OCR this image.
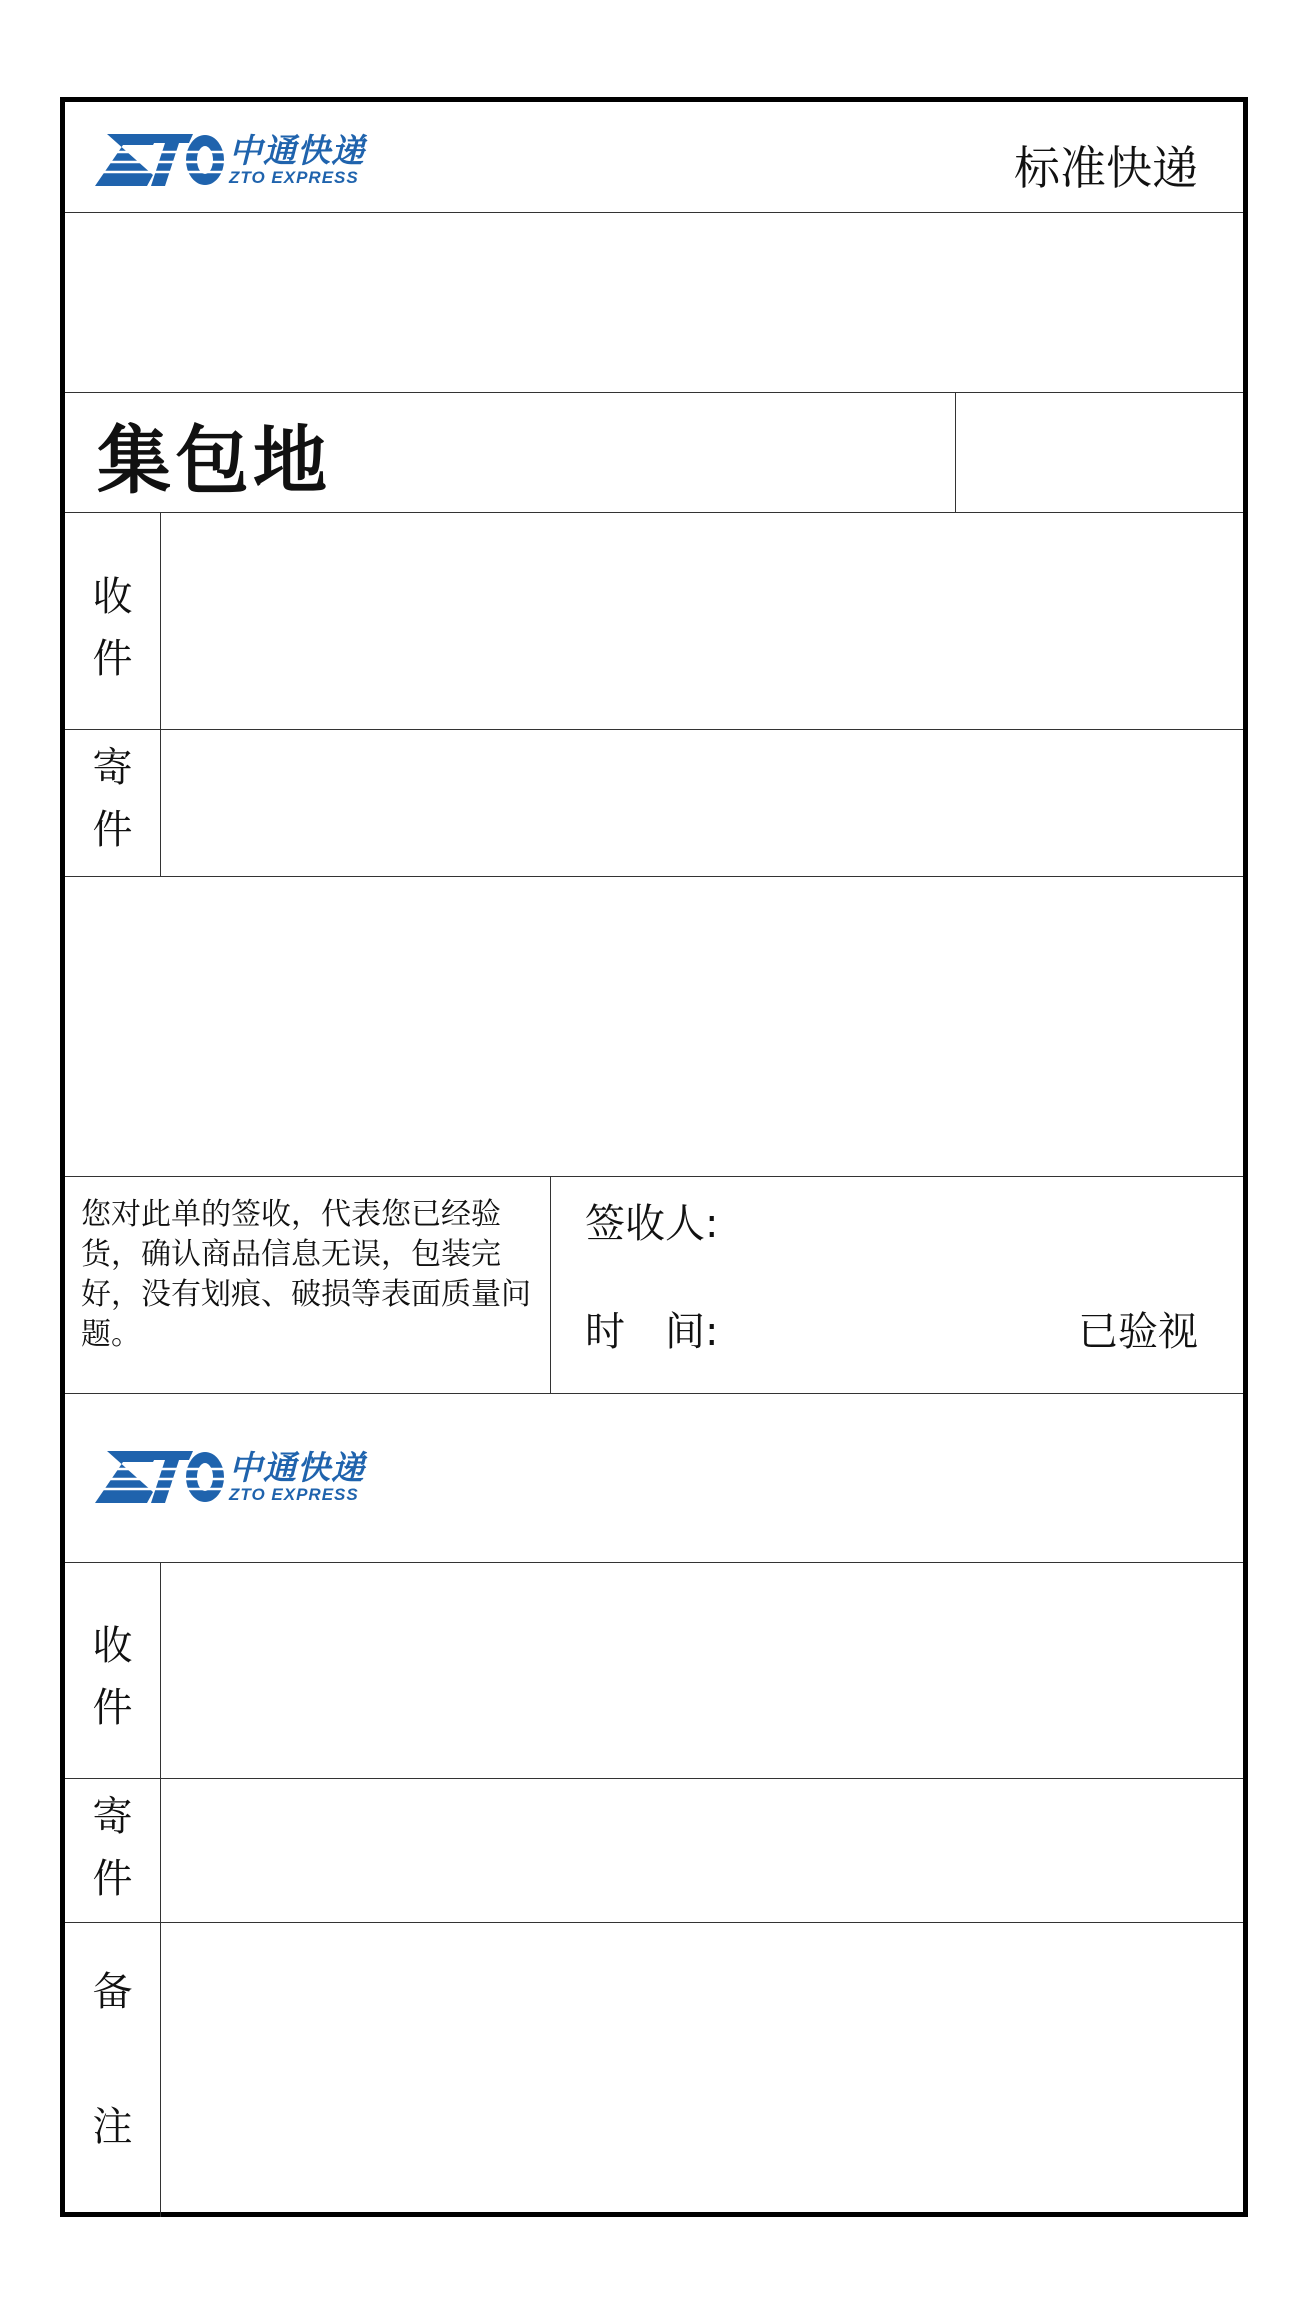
中通快递
ZTO EXPRESS	标准快递
集包地
收
件
寄
件
您对此单的签收，代表您已经验货，确认商品信息无误，包装完好，没有划痕、破损等表面质量问题。
签收人:
时　间:	已验视
中通快递
ZTO EXPRESS
收
件
寄
件
备
注
